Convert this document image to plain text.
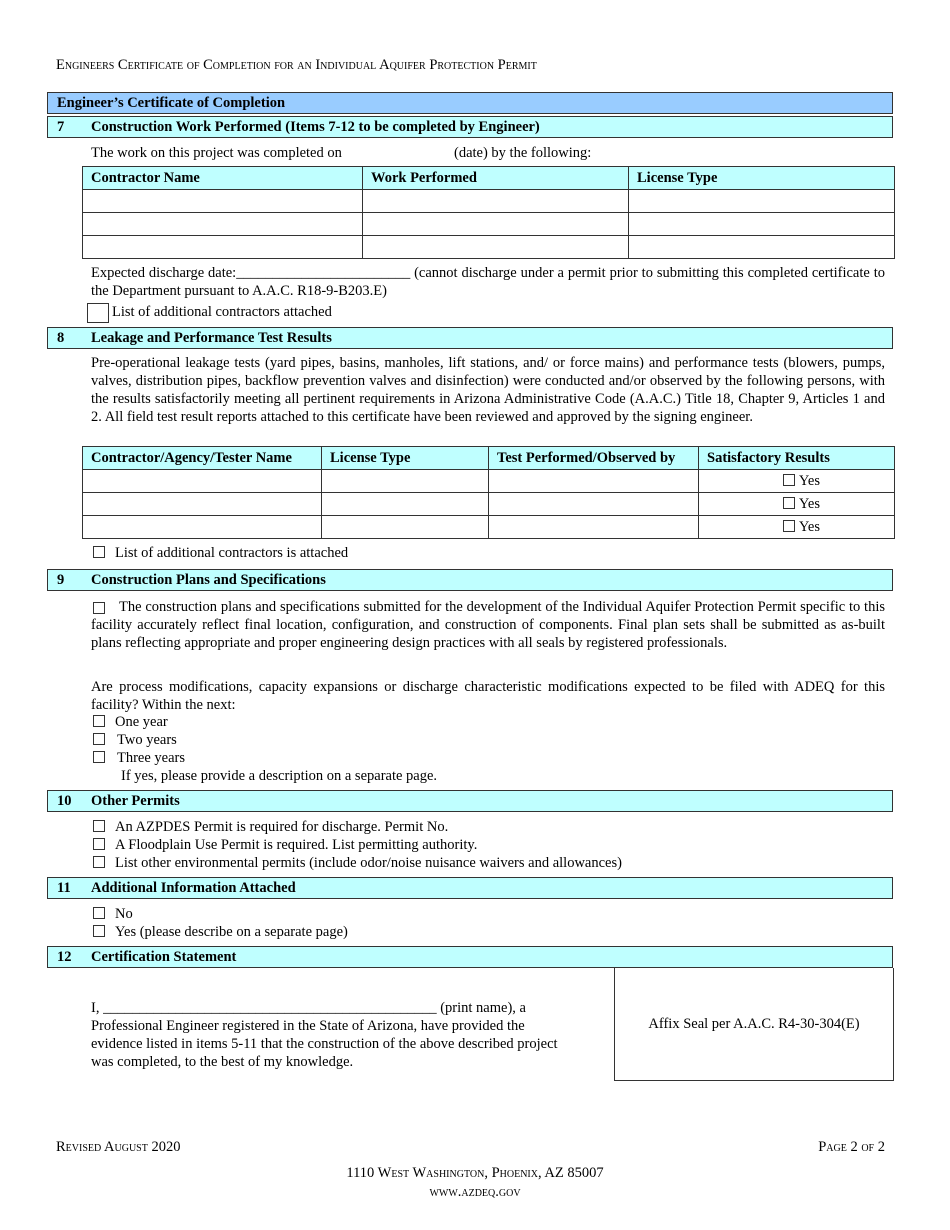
Engineers Certificate of Completion for an Individual Aquifer Protection Permit
Engineer’s Certificate of Completion
7 Construction Work Performed (Items 7-12 to be completed by Engineer)
The work on this project was completed on	(date) by the following:
Contractor Name	Work Performed	License Type

Expected discharge date:________________________ (cannot discharge under a permit prior to submitting this completed certificate to the Department pursuant to A.A.C. R18-9-B203.E)
List of additional contractors attached
8 Leakage and Performance Test Results
Pre-operational leakage tests (yard pipes, basins, manholes, lift stations, and/ or force mains) and performance tests (blowers, pumps, valves, distribution pipes, backflow prevention valves and disinfection) were conducted and/or observed by the following persons, with the results satisfactorily meeting all pertinent requirements in Arizona Administrative Code (A.A.C.) Title 18, Chapter 9, Articles 1 and 2. All field test result reports attached to this certificate have been reviewed and approved by the signing engineer.
Contractor/Agency/Tester Name	License Type	Test Performed/Observed by	Satisfactory Results
			Yes
			Yes
			Yes
List of additional contractors is attached
9 Construction Plans and Specifications
The construction plans and specifications submitted for the development of the Individual Aquifer Protection Permit specific to this facility accurately reflect final location, configuration, and construction of components. Final plan sets shall be submitted as as-built plans reflecting appropriate and proper engineering design practices with all seals by registered professionals.
Are process modifications, capacity expansions or discharge characteristic modifications expected to be filed with ADEQ for this facility? Within the next:
One year
Two years
Three years
If yes, please provide a description on a separate page.
10 Other Permits
An AZPDES Permit is required for discharge. Permit No.
A Floodplain Use Permit is required. List permitting authority.
List other environmental permits (include odor/noise nuisance waivers and allowances)
11 Additional Information Attached
No
Yes (please describe on a separate page)
12 Certification Statement
I, ______________________________________________ (print name), a
Professional Engineer registered in the State of Arizona, have provided the
evidence listed in items 5-11 that the construction of the above described project
was completed, to the best of my knowledge.
Affix Seal per A.A.C. R4-30-304(E)
Revised August 2020	Page 2 of 2
1110 West Washington, Phoenix, AZ 85007
www.azdeq.gov
